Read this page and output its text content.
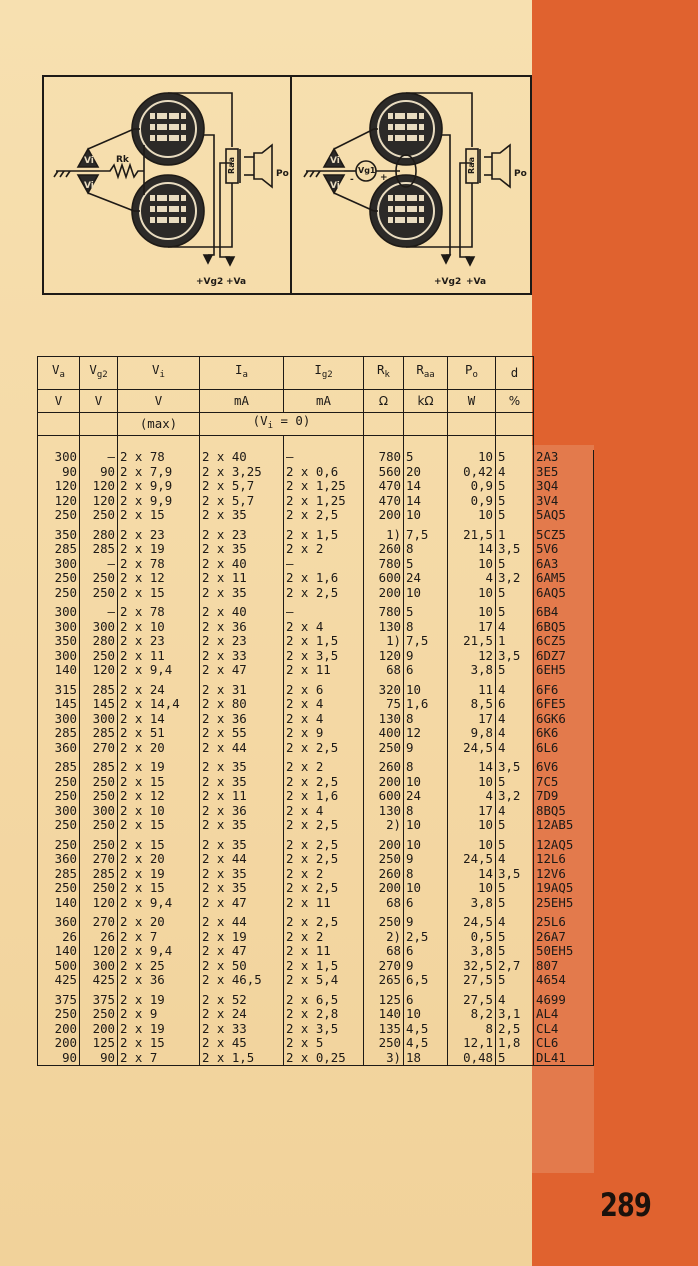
Vi
Vi
Rk	Raa
Po
+Vg2 +Va
Vi
Vi
Vg1
-	+
Raa
Po
+Vg2 +Va
$V_a$	$V_{g2}$	$V_i$	$I_a$	$I_{g2}$	$R_k$	$R_{aa}$	$P_o$	d	
V	V	V	mA	mA	Ω	kΩ	W	%	
		(max)	$(V_i = 0)$						

300	–	2 x 78	2 x 40	–	780	5	10	5	2A3
90	90	2 x 7,9	2 x 3,25	2 x 0,6	560	20	0,42	4	3E5
120	120	2 x 9,9	2 x 5,7	2 x 1,25	470	14	0,9	5	3Q4
120	120	2 x 9,9	2 x 5,7	2 x 1,25	470	14	0,9	5	3V4
250	250	2 x 15	2 x 35	2 x 2,5	200	10	10	5	5AQ5

350	280	2 x 23	2 x 23	2 x 1,5	1)	7,5	21,5	1	5CZ5
285	285	2 x 19	2 x 35	2 x 2	260	8	14	3,5	5V6
300	–	2 x 78	2 x 40	–	780	5	10	5	6A3
250	250	2 x 12	2 x 11	2 x 1,6	600	24	4	3,2	6AM5
250	250	2 x 15	2 x 35	2 x 2,5	200	10	10	5	6AQ5

300	–	2 x 78	2 x 40	–	780	5	10	5	6B4
300	300	2 x 10	2 x 36	2 x 4	130	8	17	4	6BQ5
350	280	2 x 23	2 x 23	2 x 1,5	1)	7,5	21,5	1	6CZ5
300	250	2 x 11	2 x 33	2 x 3,5	120	9	12	3,5	6DZ7
140	120	2 x 9,4	2 x 47	2 x 11	68	6	3,8	5	6EH5

315	285	2 x 24	2 x 31	2 x 6	320	10	11	4	6F6
145	145	2 x 14,4	2 x 80	2 x 4	75	1,6	8,5	6	6FE5
300	300	2 x 14	2 x 36	2 x 4	130	8	17	4	6GK6
285	285	2 x 51	2 x 55	2 x 9	400	12	9,8	4	6K6
360	270	2 x 20	2 x 44	2 x 2,5	250	9	24,5	4	6L6

285	285	2 x 19	2 x 35	2 x 2	260	8	14	3,5	6V6
250	250	2 x 15	2 x 35	2 x 2,5	200	10	10	5	7C5
250	250	2 x 12	2 x 11	2 x 1,6	600	24	4	3,2	7D9
300	300	2 x 10	2 x 36	2 x 4	130	8	17	4	8BQ5
250	250	2 x 15	2 x 35	2 x 2,5	2)	10	10	5	12AB5

250	250	2 x 15	2 x 35	2 x 2,5	200	10	10	5	12AQ5
360	270	2 x 20	2 x 44	2 x 2,5	250	9	24,5	4	12L6
285	285	2 x 19	2 x 35	2 x 2	260	8	14	3,5	12V6
250	250	2 x 15	2 x 35	2 x 2,5	200	10	10	5	19AQ5
140	120	2 x 9,4	2 x 47	2 x 11	68	6	3,8	5	25EH5

360	270	2 x 20	2 x 44	2 x 2,5	250	9	24,5	4	25L6
26	26	2 x 7	2 x 19	2 x 2	2)	2,5	0,5	5	26A7
140	120	2 x 9,4	2 x 47	2 x 11	68	6	3,8	5	50EH5
500	300	2 x 25	2 x 50	2 x 1,5	270	9	32,5	2,7	807
425	425	2 x 36	2 x 46,5	2 x 5,4	265	6,5	27,5	5	4654

375	375	2 x 19	2 x 52	2 x 6,5	125	6	27,5	4	4699
250	250	2 x 9	2 x 24	2 x 2,8	140	10	8,2	3,1	AL4
200	200	2 x 19	2 x 33	2 x 3,5	135	4,5	8	2,5	CL4
200	125	2 x 15	2 x 45	2 x 5	250	4,5	12,1	1,8	CL6
90	90	2 x 7	2 x 1,5	2 x 0,25	3)	18	0,48	5	DL41
289
